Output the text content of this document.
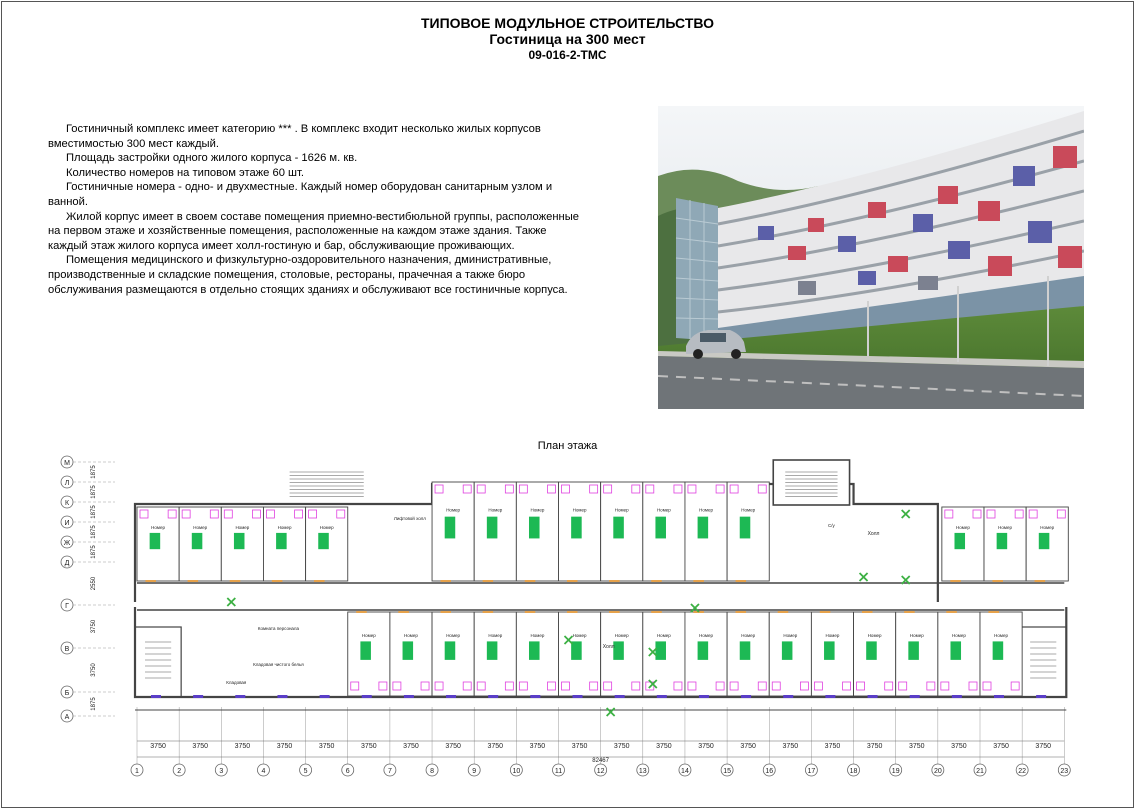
ТИПОВОЕ МОДУЛЬНОЕ СТРОИТЕЛЬСТВО
Гостиница на 300 мест
09-016-2-ТМС

Гостиничный комплекс имеет категорию *** . В комплекс входит несколько жилых корпусов вместимостью 300 мест каждый.

Площадь застройки одного жилого корпуса - 1626 м. кв.

Количество номеров на типовом этаже 60 шт.

Гостиничные номера - одно- и двухместные. Каждый номер оборудован санитарным узлом и ванной.

Жилой корпус имеет в своем составе помещения приемно-вестибюльной группы, расположенные на первом этаже и хозяйственные помещения, расположенные на каждом этаже здания. Также каждый этаж жилого корпуса имеет холл-гостиную и бар, обслуживающие проживающих.

Помещения медицинского и физкультурно-оздоровительного назначения, дминистративные, производственные и складские помещения, столовые, рестораны, прачечная а также бюро обслуживания размещаются в отдельно стоящих зданиях и обслуживают все гостиничные корпуса.

План этажа
М
Л
К
И
Ж
Д
Г
В
Б
А
1875
1875
1875
1875
1875
2550
3750
3750
1875
1
3750
2
3750
3
3750
4
3750
5
3750
6
3750
7
3750
8
3750
9
3750
10
3750
11
3750
12
3750
13
3750
14
3750
15
3750
16
3750
17
3750
18
3750
19
3750
20
3750
21
3750
22
3750
23
82467
Номер	Номер	Номер	Номер	Номер
Номер	Номер	Номер	Номер	Номер	Номер	Номер	Номер
Номер	Номер	Номер
Номер	Номер	Номер	Номер	Номер	Номер	Номер	Номер	Номер	Номер	Номер	Номер	Номер	Номер	Номер	Номер
Холл
Холл
Лифтовой холл
Комната персонала
Кладовая чистого белья
Кладовая
С/у
